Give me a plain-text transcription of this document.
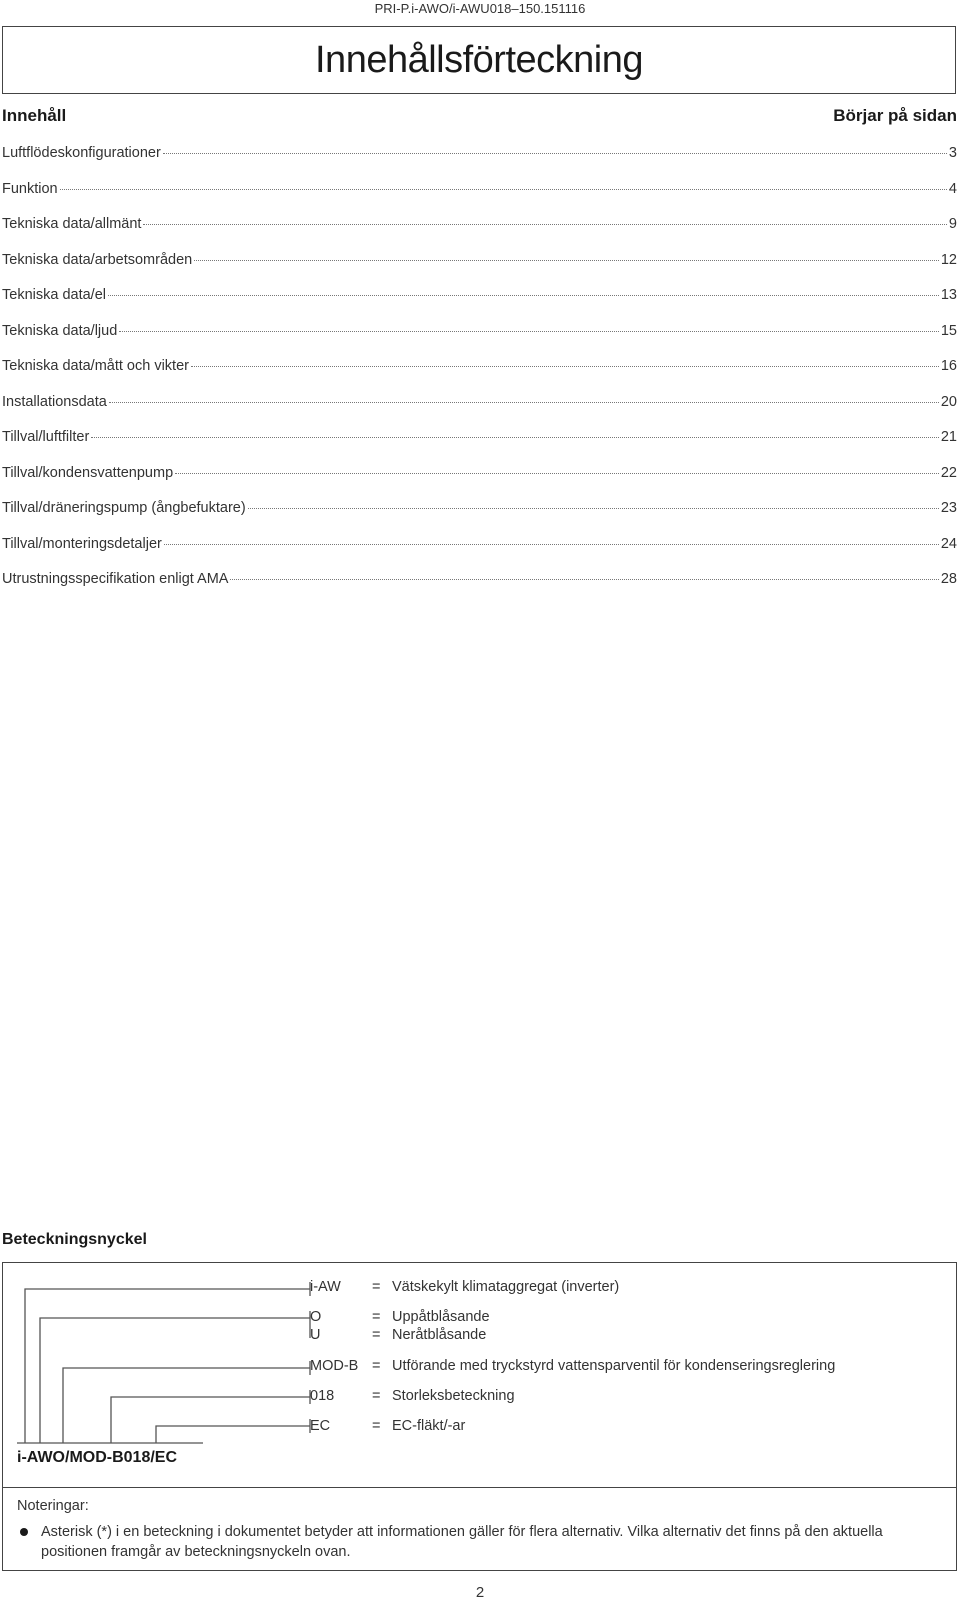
PRI-P.i-AWO/i-AWU018–150.151116
Innehållsförteckning
Innehåll	Börjar på sidan
Luftflödeskonfigurationer	3
Funktion	4
Tekniska data/allmänt	9
Tekniska data/arbetsområden	12
Tekniska data/el	13
Tekniska data/ljud	15
Tekniska data/mått och vikter	16
Installationsdata	20
Tillval/luftfilter	21
Tillval/kondensvattenpump	22
Tillval/dräneringspump (ångbefuktare)	23
Tillval/monteringsdetaljer	24
Utrustningsspecifikation enligt AMA	28
Beteckningsnyckel
i-AW	= Vätskekylt klimataggregat (inverter)
O	= Uppåtblåsande
U	= Neråtblåsande
MOD-B = Utförande med tryckstyrd vattensparventil för kondenseringsreglering
018	= Storleksbeteckning
EC	= EC-fläkt/-ar
i-AWO/MOD-B018/EC
Noteringar:
Asterisk (*) i en beteckning i dokumentet betyder att informationen gäller för flera alternativ. Vilka alternativ det finns på den aktuella positionen framgår av beteckningsnyckeln ovan.
2
